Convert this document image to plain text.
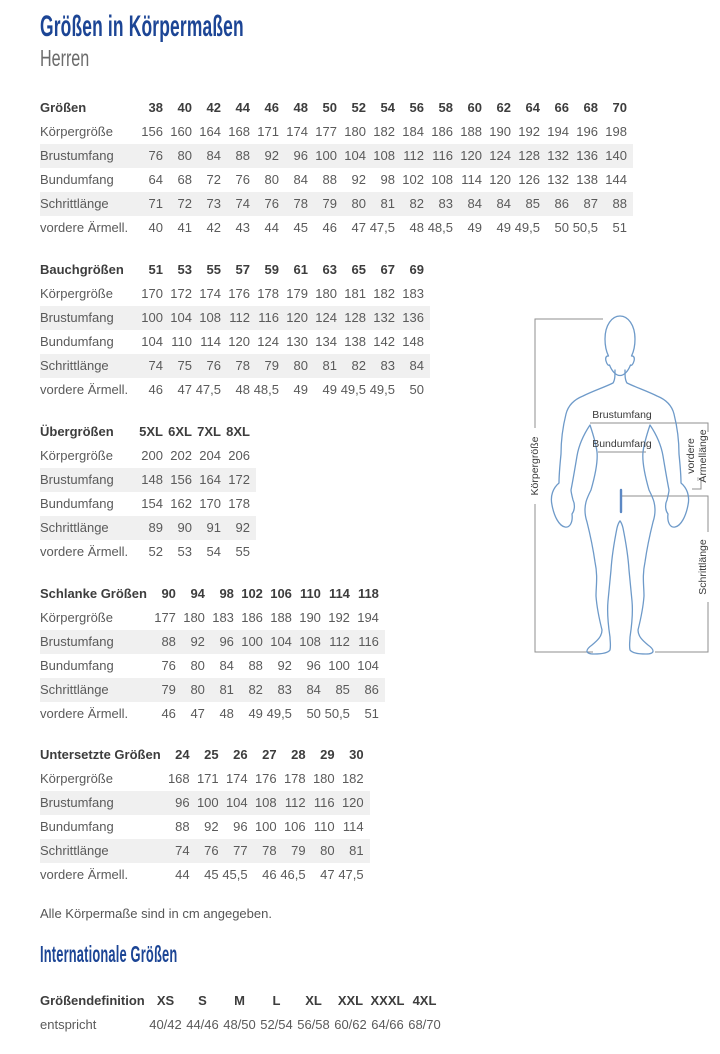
Größen in Körpermaßen
Herren
Größen	38	40	42	44	46	48	50	52	54	56	58	60	62	64	66	68	70	
Körpergröße	156	160	164	168	171	174	177	180	182	184	186	188	190	192	194	196	198	
Brustumfang	76	80	84	88	92	96	100	104	108	112	116	120	124	128	132	136	140	
Bundumfang	64	68	72	76	80	84	88	92	98	102	108	114	120	126	132	138	144	
Schrittlänge	71	72	73	74	76	78	79	80	81	82	83	84	84	85	86	87	88	
vordere Ärmell.	40	41	42	43	44	45	46	47	47,5	48	48,5	49	49	49,5	50	50,5	51	
Bauchgrößen	51	53	55	57	59	61	63	65	67	69	
Körpergröße	170	172	174	176	178	179	180	181	182	183	
Brustumfang	100	104	108	112	116	120	124	128	132	136	
Bundumfang	104	110	114	120	124	130	134	138	142	148	
Schrittlänge	74	75	76	78	79	80	81	82	83	84	
vordere Ärmell.	46	47	47,5	48	48,5	49	49	49,5	49,5	50	
Übergrößen	5XL	6XL	7XL	8XL	
Körpergröße	200	202	204	206	
Brustumfang	148	156	164	172	
Bundumfang	154	162	170	178	
Schrittlänge	89	90	91	92	
vordere Ärmell.	52	53	54	55	
Schlanke Größen	90	94	98	102	106	110	114	118	
Körpergröße	177	180	183	186	188	190	192	194	
Brustumfang	88	92	96	100	104	108	112	116	
Bundumfang	76	80	84	88	92	96	100	104	
Schrittlänge	79	80	81	82	83	84	85	86	
vordere Ärmell.	46	47	48	49	49,5	50	50,5	51	
Untersetzte Größen	24	25	26	27	28	29	30	
Körpergröße	168	171	174	176	178	180	182	
Brustumfang	96	100	104	108	112	116	120	
Bundumfang	88	92	96	100	106	110	114	
Schrittlänge	74	76	77	78	79	80	81	
vordere Ärmell.	44	45	45,5	46	46,5	47	47,5	
Alle Körpermaße sind in cm angegeben.
Internationale Größen
Größendefinition	XS	S	M	L	XL	XXL	XXXL	4XL	
entspricht	40/42	44/46	48/50	52/54	56/58	60/62	64/66	68/70	
Körpergröße
Brustumfang
Bundumfang	vordere Ärmellänge
Schrittlänge
